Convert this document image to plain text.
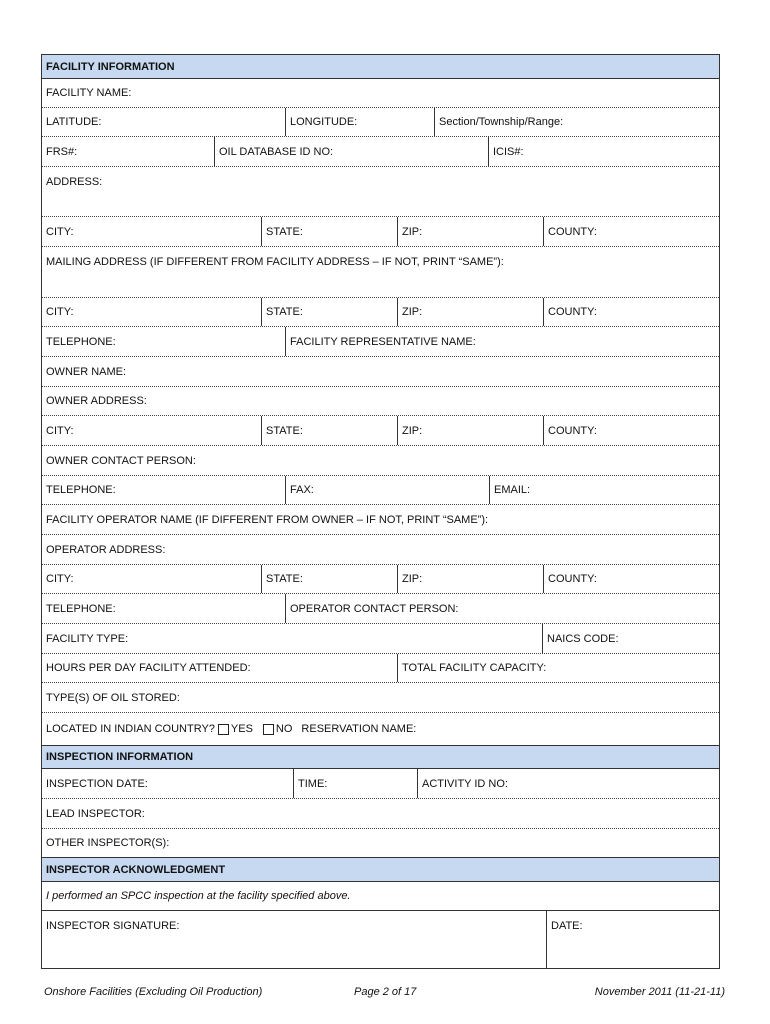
FACILITY INFORMATION
FACILITY NAME:
LATITUDE:	LONGITUDE:	Section/Township/Range:
FRS#:	OIL DATABASE ID NO:	ICIS#:
ADDRESS:
CITY:	STATE:	ZIP:	COUNTY:
MAILING ADDRESS (IF DIFFERENT FROM FACILITY ADDRESS – IF NOT, PRINT “SAME”):
CITY:	STATE:	ZIP:	COUNTY:
TELEPHONE:	FACILITY REPRESENTATIVE NAME:
OWNER NAME:
OWNER ADDRESS:
CITY:	STATE:	ZIP:	COUNTY:
OWNER CONTACT PERSON:
TELEPHONE:	FAX:	EMAIL:
FACILITY OPERATOR NAME (IF DIFFERENT FROM OWNER – IF NOT, PRINT “SAME”):
OPERATOR ADDRESS:
CITY:	STATE:	ZIP:	COUNTY:
TELEPHONE:	OPERATOR CONTACT PERSON:
FACILITY TYPE:	NAICS CODE:
HOURS PER DAY FACILITY ATTENDED:	TOTAL FACILITY CAPACITY:
TYPE(S) OF OIL STORED:
LOCATED IN INDIAN COUNTRY? YES NO RESERVATION NAME:
INSPECTION INFORMATION
INSPECTION DATE:	TIME:	ACTIVITY ID NO:
LEAD INSPECTOR:
OTHER INSPECTOR(S):
INSPECTOR ACKNOWLEDGMENT
I performed an SPCC inspection at the facility specified above.
INSPECTOR SIGNATURE:	DATE:
Onshore Facilities (Excluding Oil Production)	Page 2 of 17	November 2011 (11-21-11)
